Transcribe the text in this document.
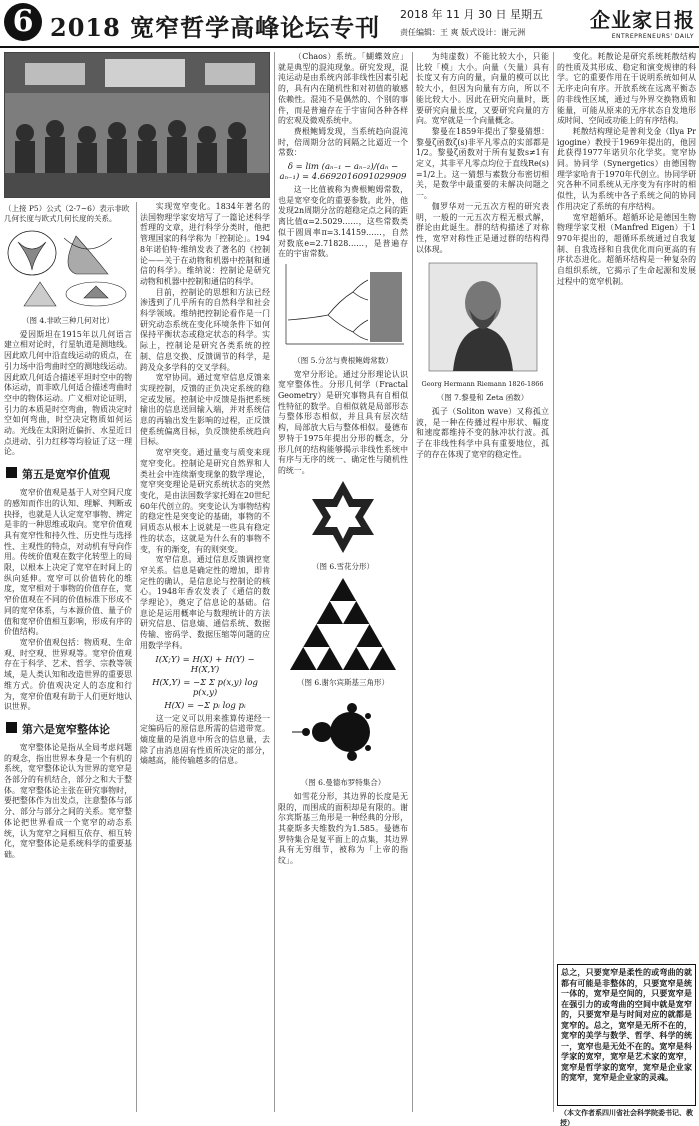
6 2018 宽窄哲学高峰论坛专刊 2018 年 11 月 30 日 星期五
责任编辑：王 爽 版式设计：谢元洲
企业家日报
ENTREPRENEURS' DAILY
（上接 P5）公式（2-7~6）表示非欧几何长度与欧式几何长度的关系。
（图 4.非欧三种几何对比）

爱因斯坦在1915年以几何语言建立相对论时，行星轨道是测地线。因此欧几何中沿直线运动的质点，在引力场中沿弯曲时空的测地线运动。因此欧几何适合描述平坦时空中的物体运动，而非欧几何适合描述弯曲时空中的物体运动。广义相对论证明，引力的本质是时空弯曲，物质决定时空如何弯曲，时空决定物质如何运动。光线在太阳附近偏折、水星近日点进动、引力红移等均验证了这一理论。

第五是宽窄价值观

宽窄价值观是基于人对空间尺度的感知而作出的认知、理解、判断或抉择，也就是人认定宽窄事物、辨定是非的一种思维或取向。宽窄价值观具有宽窄性和持久性、历史性与选择性、主观性的特点，对动机有导向作用。传统价值观在数字化转型上的局限，以根本上决定了宽窄在时间上的纵向延伸。宽窄可以价值转化的维度，宽窄相对于事物的价值存在，宽窄价值观在不同的价值标准下形成不同的宽窄体系，与本源价值、量子价值和宽窄价值相互影响，形成有序的价值结构。

宽窄价值观包括：物质观、生命观、时空观、世界观等。宽窄价值观存在于科学、艺术、哲学、宗教等领域，是人类认知和改造世界的重要思维方式。价值观决定人的态度和行为，宽窄价值观有助于人们更好地认识世界。

第六是宽窄整体论

宽窄整体论是指从全局考虑问题的观念，指出世界本身是一个有机的系统，宽窄整体论认为世界的宽窄是各部分的有机结合，部分之和大于整体。宽窄整体论主张在研究事物时，要把整体作为出发点，注意整体与部分、部分与部分之间的关系。宽窄整体论把世界看成一个宽窄的动态系统，认为宽窄之间相互依存、相互转化，宽窄整体论是系统科学的重要基础。

实现宽窄变化。1834年著名的法国物理学家安培写了一篇论述科学哲理的文章，进行科学分类时，他把管理国家的科学称为「控制论」。1948年诺伯特·维纳发表了著名的《控制论——关于在动物和机器中控制和通信的科学》。维纳说：控制论是研究动物和机器中控制和通信的科学。

目前，控制论的思想和方法已经渗透到了几乎所有的自然科学和社会科学领域。维纳把控制论看作是一门研究动态系统在变化环境条件下如何保持平衡状态或稳定状态的科学。实际上，控制论是研究各类系统的控制、信息交换、反馈调节的科学，是跨及众多学科的交叉学科。

宽窄协同。通过宽窄信息反馈来实现控制，反馈的正负决定系统的稳定或发展。控制论中反馈是指把系统输出的信息送回输入端，并对系统信息的再输出发生影响的过程，正反馈使系统偏离目标，负反馈使系统趋向目标。

宽窄突变。通过量变与质变来现宽窄变化。控制论是研究自然界和人类社会中连续渐变现象的数学理论，宽窄突变理论是研究系统状态的突然变化，是由法国数学家托姆在20世纪60年代创立的。突变论认为事物结构的稳定性是突变论的基础，事物的不同质态从根本上说就是一些具有稳定性的状态，这就是为什么有的事物不变，有的渐变，有的则突变。

宽窄信息。通过信息反馈调控宽窄关系。信息是确定性的增加，即肯定性的确认，是信息论与控制论的核心。1948年香农发表了《通信的数学理论》，奠定了信息论的基础。信息论是运用概率论与数理统计的方法研究信息、信息熵、通信系统、数据传输、密码学、数据压缩等问题的应用数学学科。

I(X;Y) = H(X) + H(Y) − H(X,Y)
H(X,Y) = −Σ Σ p(x,y) log p(x,y)
H(X) = −Σ pᵢ log pᵢ

这一定义可以用来推算传递经一定编码后的原信息所需的信道带宽。熵度量的是消息中所含的信息量，去除了由消息固有性质所决定的部分，熵越高，能传输越多的信息。

（Chaos）系统。「蝴蝶效应」就是典型的混沌现象。研究发现，混沌运动是由系统内部非线性因素引起的，具有内在随机性和对初值的敏感依赖性。混沌不是偶然的、个别的事件，而是普遍存在于宇宙间各种各样的宏观及微观系统中。

费根鲍姆发现，当系统趋向混沌时，倍周期分岔的间隔之比逼近一个常数：

δ = lim (aₙ₋₁ − aₙ₋₂)/(aₙ − aₙ₋₁) = 4.6692016091029909

这一比值被称为费根鲍姆常数，也是宽窄变化的重要参数。此外，他发现2n周期分岔的超稳定点之间的距离比值α=2.5029……，这些常数类似于圆周率π=3.14159……，自然对数底e=2.71828……，是普遍存在的宇宙常数。

（图 5.分岔与费根鲍姆常数）

宽窄分形论。通过分形理论认识宽窄整体性。分形几何学（Fractal Geometry）是研究事物具有自相似性特征的数学。自相似就是局部形态与整体形态相似，并且具有层次结构，局部放大后与整体相似。曼德布罗特于1975年提出分形的概念，分形几何的结构能够揭示非线性系统中有序与无序的统一、确定性与随机性的统一。

（图 6.雪花分形）
（图 6.谢尔宾斯基三角形）
（图 6.曼德布罗特集合）

如雪花分形，其边界的长度是无限的，而围成的面积却是有限的。谢尔宾斯基三角形是一种经典的分形，其豪斯多夫维数约为1.585。曼德布罗特集合是复平面上的点集，其边界具有无穷细节，被称为「上帝的指纹」。

为纯虚数）不能比较大小，只能比较「模」大小。向量（矢量）具有长度又有方向的量，向量的模可以比较大小，但因为向量有方向，所以不能比较大小。因此在研究向量时，既要研究向量长度，又要研究向量的方向。宽窄就是一个向量概念。

黎曼在1859年提出了黎曼猜想：黎曼ζ函数ζ(s)非平凡零点的实部都是1/2。黎曼ζ函数对于所有复数s≠1有定义，其非平凡零点均位于直线Re(s)=1/2上。这一猜想与素数分布密切相关，是数学中最重要的未解决问题之一。

伽罗华对一元五次方程的研究表明，一般的一元五次方程无根式解，群论由此诞生。群的结构描述了对称性，宽窄对称性正是通过群的结构得以体现。

Georg Hermann Riemann 1826-1866
（图 7.黎曼和 Zeta 函数）

孤子（Soliton wave）又称孤立波，是一种在传播过程中形状、幅度和速度都维持不变的脉冲状行波。孤子在非线性科学中具有重要地位，孤子的存在体现了宽窄的稳定性。

变化。耗散论是研究系统耗散结构的性质及其形成、稳定和演变规律的科学。它的重要作用在于说明系统如何从无序走向有序。开放系统在远离平衡态的非线性区域，通过与外界交换物质和能量，可能从原来的无序状态自发地形成时间、空间或功能上的有序结构。

耗散结构理论是普利戈金（Ilya Prigogine）教授于1969年提出的，他因此获得1977年诺贝尔化学奖。宽窄协同。协同学（Synergetics）由德国物理学家哈肯于1970年代创立。协同学研究各种不同系统从无序变为有序时的相似性，认为系统中各子系统之间的协同作用决定了系统的有序结构。

宽窄超循环。超循环论是德国生物物理学家艾根（Manfred Eigen）于1970年提出的，超循环系统通过自我复制、自我选择和自我优化而向更高的有序状态进化。超循环结构是一种复杂的自组织系统，它揭示了生命起源和发展过程中的宽窄机制。

总之，只要宽窄是柔性的或弯曲的就都有可能是非整体的，只要宽窄是统一体的，宽窄是空间的，只要宽窄是在强引力的或弯曲的空间中就是宽窄的，只要宽窄是与时间对应的就都是宽窄的。总之，宽窄是无所不在的，宽窄的美学与数学、哲学、科学的统一，宽窄也是无处不在的。宽窄是科学家的宽窄，宽窄是艺术家的宽窄，宽窄是哲学家的宽窄，宽窄是企业家的宽窄，宽窄是企业家的灵魂。
（本文作者系四川省社会科学院委书记、教授）
